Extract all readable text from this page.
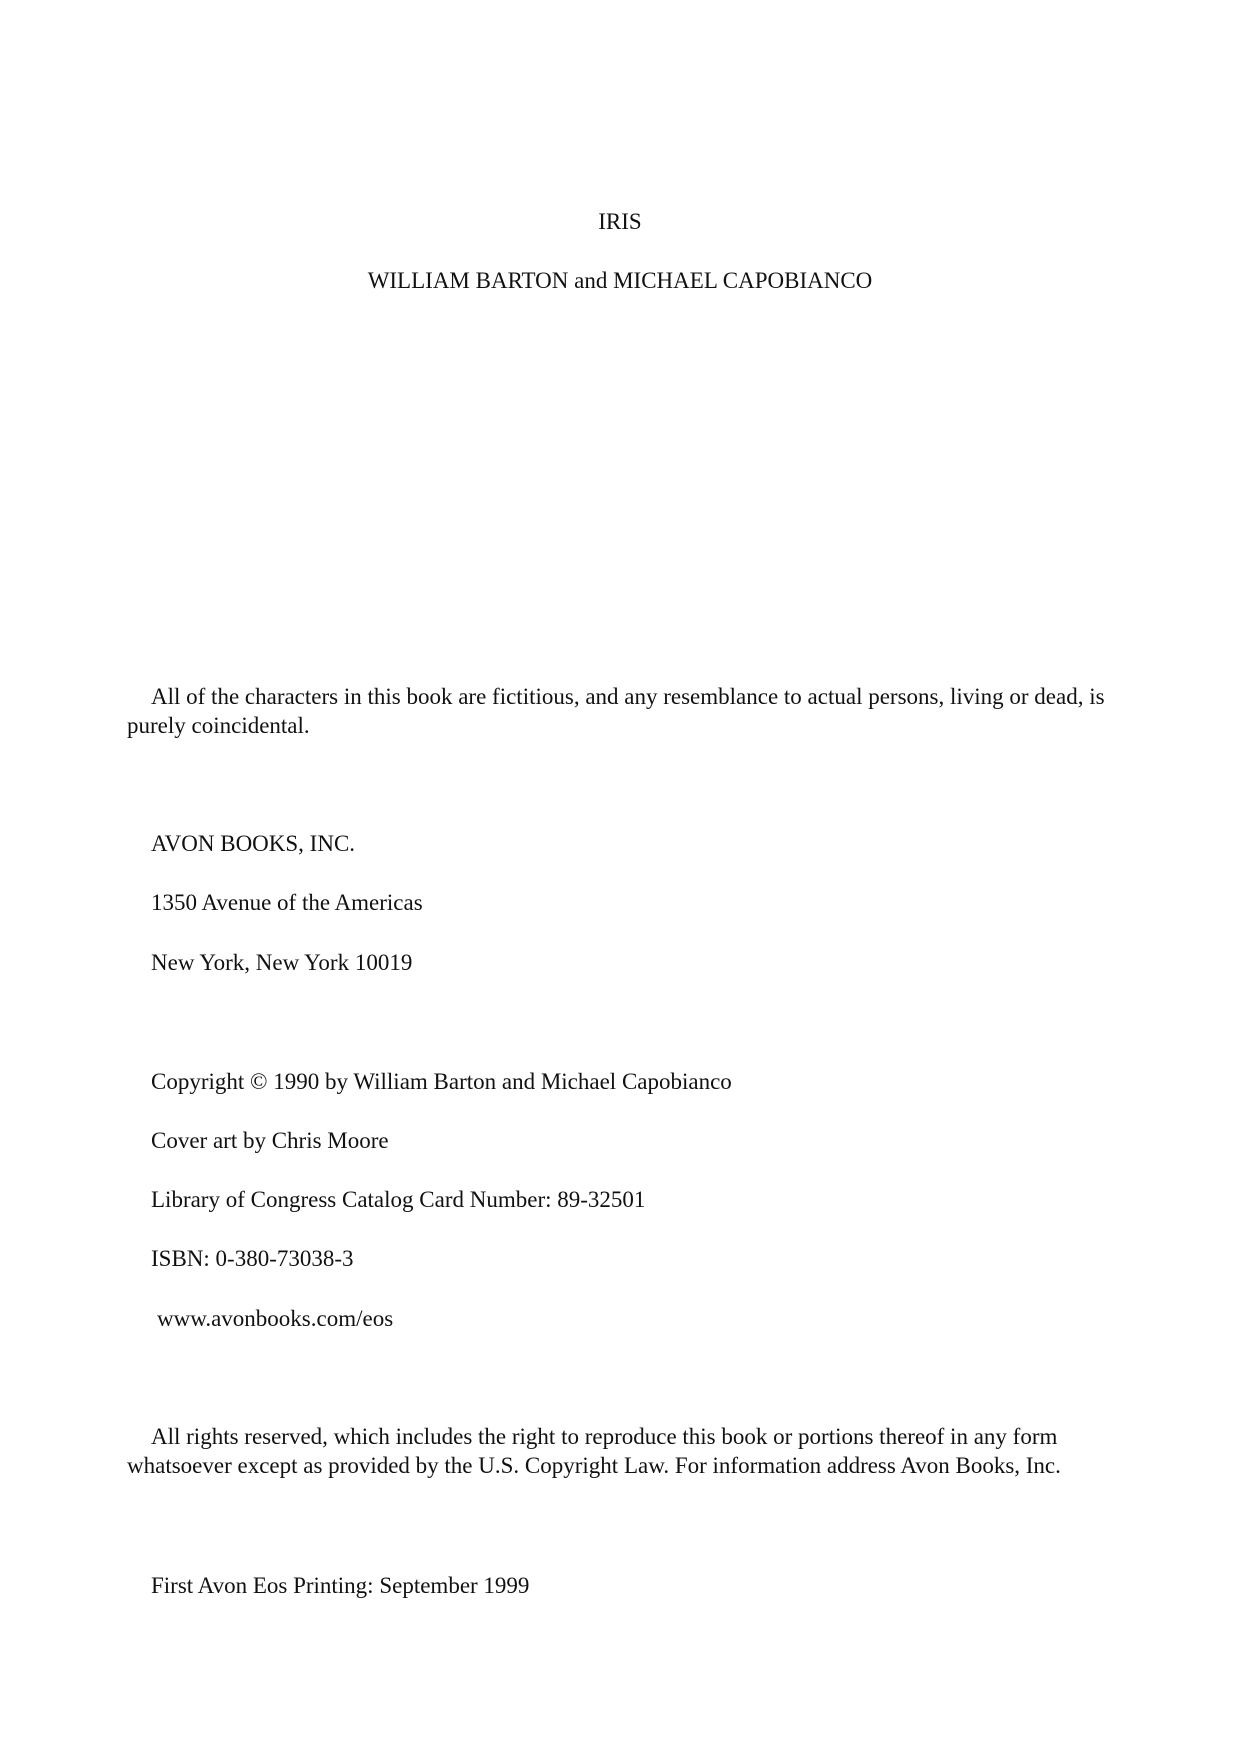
IRIS
WILLIAM BARTON and MICHAEL CAPOBIANCO
All of the characters in this book are fictitious, and any resemblance to actual persons, living or dead, is purely coincidental.
AVON BOOKS, INC.
1350 Avenue of the Americas
New York, New York 10019
Copyright © 1990 by William Barton and Michael Capobianco
Cover art by Chris Moore
Library of Congress Catalog Card Number: 89-32501
ISBN: 0-380-73038-3
www.avonbooks.com/eos
All rights reserved, which includes the right to reproduce this book or portions thereof in any form whatsoever except as provided by the U.S. Copyright Law. For information address Avon Books, Inc.
First Avon Eos Printing: September 1999
